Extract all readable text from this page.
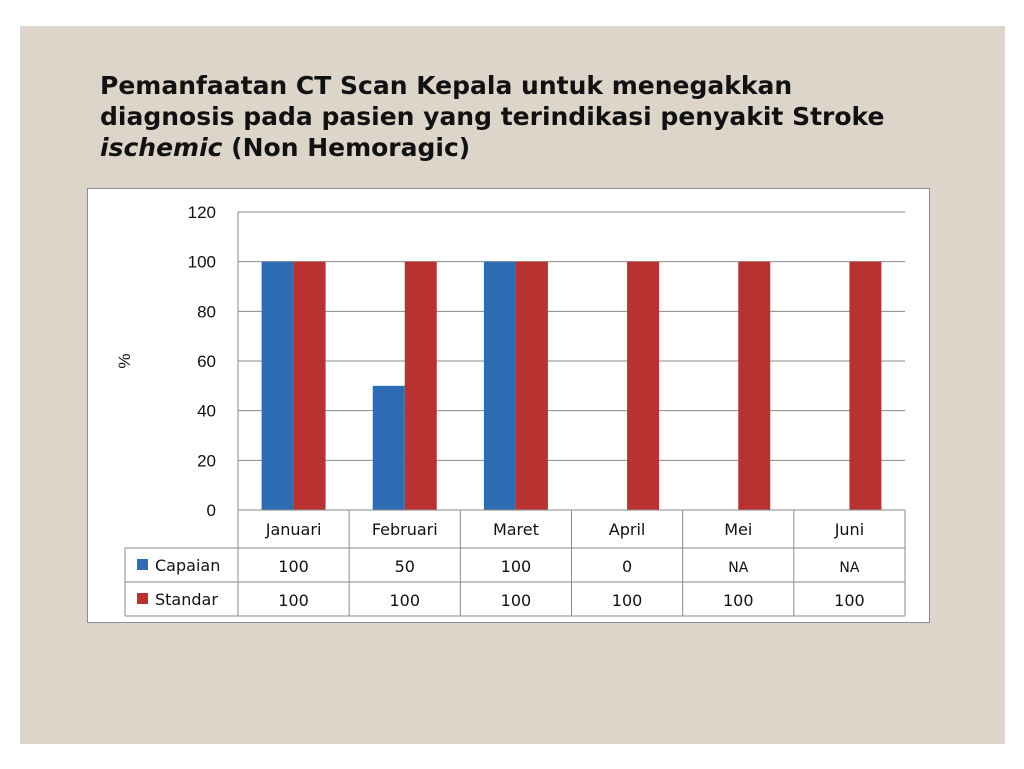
Pemanfaatan CT Scan Kepala untuk menegakkan
diagnosis pada pasien yang terindikasi penyakit Stroke
ischemic (Non Hemoragic)
0
20
40
60
80
100
120
%
Januari	Februari	Maret	April	Mei	Juni
Capaian	100	50	100	0	NA	NA
Standar	100	100	100	100	100	100
